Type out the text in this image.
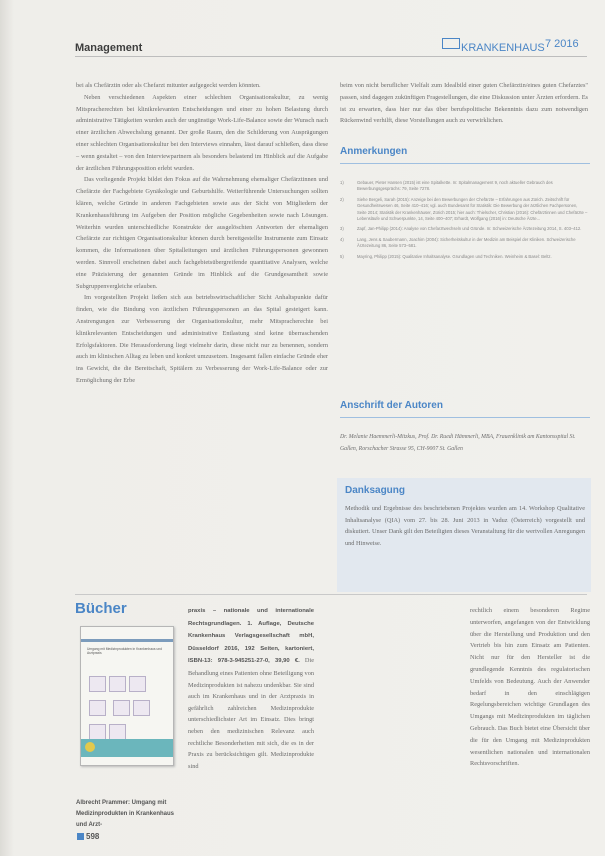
Management	KRANKENHAUS 7 2016

bei als Chefärztin oder als Chefarzt mitunter aufgegeckt werden könnten.

Neben verschiedenen Aspekten einer schlechten Organisationskultur, zu wenig Mitspracherechten bei klinikrelevanten Entscheidungen und einer zu hohen Belastung durch administrative Tätigkeiten wurden auch der ungünstige Work-Life-Balance sowie der Wunsch nach einer ärztlichen Abwechslung genannt. Der große Raum, den die Schilderung von Ausprägungen einer schlechten Organisationskultur bei den Interviews einnahm, lässt darauf schließen, dass diese – wenn gestaltet – von den Interviewpartnern als besonders belastend im Hinblick auf die Aufgabe der ärztlichen Führungsposition erlebt wurden.

Das vorliegende Projekt bildet den Fokus auf die Wahrnehmung ehemaliger Chefärztinnen und Chefärzte der Fachgebiete Gynäkologie und Geburtshilfe. Weiterführende Untersuchungen sollten klären, welche Gründe in anderen Fachgebieten sowie aus der Sicht von Mitgliedern der Krankenhausführung im Aufgeben der Position mögliche Gegebenheiten sowie nach Lösungen. Weiterhin wurden unterschiedliche Konstrukte der ausgelöschten Antworten der ehemaligen Chefärzte zur richtigen Organisationskultur können durch bereitgestellte Instrumente zum Einsatz kommen, die Informationen über Spitalleitungen und ärztlichen Führungspersonen gewonnen werden. Sinnvoll erscheinen dabei auch fachgebietsübergreifende quantitative Analysen, welche eine Präzisierung der genannten Gründe im Hinblick auf die Grundgesamtheit sowie Subgruppenvergleiche erlauben.

Im vorgestellten Projekt ließen sich aus betriebswirtschaftlicher Sicht Anhaltspunkte dafür finden, wie die Bindung von ärztlichen Führungspersonen an das Spital gesteigert kann. Anstrengungen zur Verbesserung der Organisationskultur, mehr Mitspracherechte bei klinikrelevanten Entscheidungen und administrative Entlastung sind keine überraschenden Erfolgsfaktoren. Die Herausforderung liegt vielmehr darin, diese nicht nur zu benennen, sondern auch im klinischen Alltag zu leben und konkret umzusetzen. Insgesamt fallen einfache Gründe eher ins Gewicht, die die Bereitschaft, Spitälern zu Verbesserung der Work-Life-Balance oder zur Ermöglichung der Erbe

beim von nicht beruflicher Vielfalt zum Idealbild einer guten Chefärztin/eines guten Chefarztes" passen, sind dagegen zukünftigen Fragestellungen, die eine Diskussion unter Ärzten erfordern. Es ist zu erwarten, dass hier nur das über berufspolitische Bekenntnis dazu zum notwendigen Rückenwind verhilft, diese Vorstellungen auch zu verwirklichen.

Anmerkungen
1)	Gebauer, Pieter Hansen (2015) ist eine Spitalkette. In: Spitalmanagement 9, noch aktueller Gebrauch des Bewerbungsgesprächs: 79, Seite 7278.
2)	Siehe Bergeli, Sarah (2015): Anzeige bei den Bewerbungen der Chefärzte – Erfahrungen aus Zürich. Zeitschrift für Gesundheitswesen 46, Seite 410–416; vgl. auch Bundesamt für Statistik: Die Bewerbung der ärztlichen Fachpersonen, Seite 2014; Statistik der Krankenhäuser, Zürich 2015; hier auch: Thielscher, Christian (2016): Chefärztinnen und Chefärzte – Lebensläufe und Schwerpunkte, 14, Seite 400–407; Erhardt, Wolfgang (2016) in: Deutsche Ärzte...
3)	Zapf, Jan-Philipp (2014): Analyse von Chefarztwechseln und Gründe. In: Schweizerische Ärztezeitung 2014, S. 403–412.
4)	Lang, Jens & Saubermann, Joachim (2004): Sicherheitskultur in der Medizin am Beispiel der Kliniken. Schweizerische Ärztezeitung 86, Seite 573–581.
5)	Mayring, Philipp (2015): Qualitative Inhaltsanalyse. Grundlagen und Techniken. Weinheim & Basel: Beltz.
Anschrift der Autoren
Dr. Melanie Haemmerli-Mitzkus, Prof. Dr. Ruedi Hämmerli, MBA, Frauenklinik am Kantonsspital St. Gallen, Rorschacher Strasse 95, CH-9007 St. Gallen
Danksagung
Methodik und Ergebnisse des beschriebenen Projektes wurden am 14. Workshop Qualitative Inhaltsanalyse (QIA) vom 27. bis 28. Juni 2013 in Vaduz (Österreich) vorgestellt und diskutiert. Unser Dank gilt den Beteiligten dieses Veranstaltung für die wertvollen Anregungen und Hinweise.
Bücher
Umgang mit Medizinprodukten in Krankenhaus und Arztpraxis

Albrecht Prammer: Umgang mit Medizinprodukten in Krankenhaus und Arzt-
praxis – nationale und internationale Rechtsgrundlagen. 1. Auflage, Deutsche Krankenhaus Verlagsgesellschaft mbH, Düsseldorf 2016, 192 Seiten, kartoniert, ISBN-13: 978-3-945251-27-0, 39,90 €. Die Behandlung eines Patienten ohne Beteiligung von Medizinprodukten ist nahezu undenkbar. Sie sind auch im Krankenhaus und in der Arztpraxis in gefährlich zahlreichen Medizinprodukte unterschiedlichster Art im Einsatz. Dies bringt neben den medizinischen Relevanz auch rechtliche Besonderheiten mit sich, die es in der Praxis zu berücksichtigen gilt. Medizinprodukte sind

rechtlich einem besonderen Regime unterworfen, angefangen von der Entwicklung über die Herstellung und Produktion und den Vertrieb bis hin zum Einsatz am Patienten. Nicht nur für den Hersteller ist die grundlegende Kenntnis des regulatorischen Umfelds von Bedeutung. Auch der Anwender bedarf in den einschlägigen Regelungsbereichen wichtige Grundlagen des Umgangs mit Medizinprodukten im täglichen Gebrauch. Das Buch bietet eine Übersicht über die für den Umgang mit Medizinprodukten wesentlichen nationalen und internationalen Rechtsvorschriften.

598
